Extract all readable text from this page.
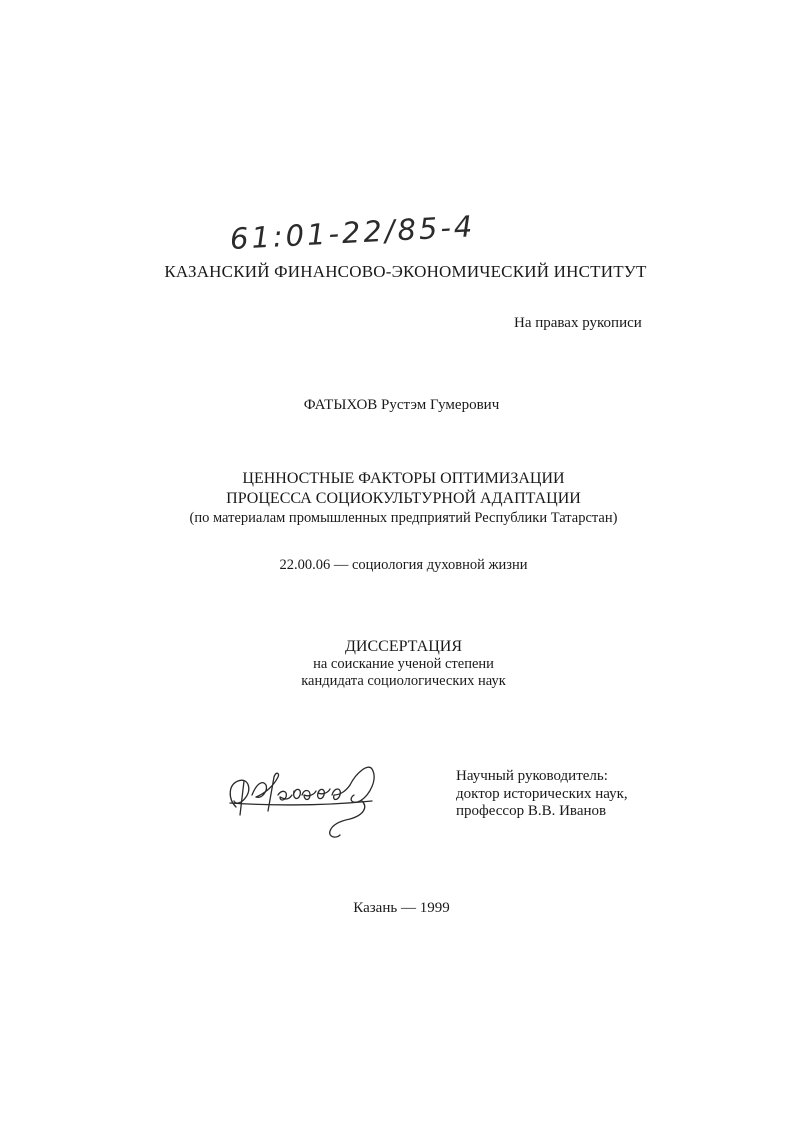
61:01-22/85-4
КАЗАНСКИЙ ФИНАНСОВО-ЭКОНОМИЧЕСКИЙ ИНСТИТУТ
На правах рукописи
ФАТЫХОВ Рустэм Гумерович
ЦЕННОСТНЫЕ ФАКТОРЫ ОПТИМИЗАЦИИ
ПРОЦЕССА СОЦИОКУЛЬТУРНОЙ АДАПТАЦИИ
(по материалам промышленных предприятий Республики Татарстан)
22.00.06 — социология духовной жизни
ДИССЕРТАЦИЯ
на соискание ученой степени
кандидата социологических наук
Научный руководитель:
доктор исторических наук,
профессор В.В. Иванов
Казань — 1999
